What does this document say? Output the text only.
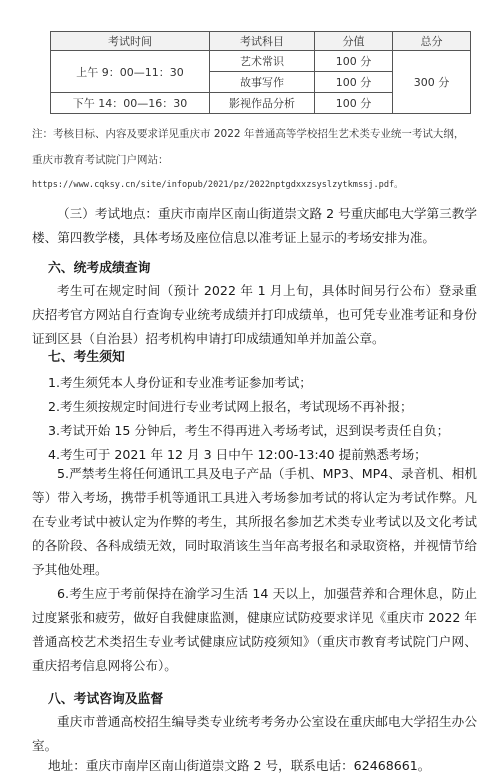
考试时间	考试科目	分值	总分
上午 9：00—11：30	艺术常识	100 分	300 分
	故事写作	100 分	
下午 14：00—16：30	影视作品分析	100 分	
注：考核目标、内容及要求详见重庆市 2022 年普通高等学校招生艺术类专业统一考试大纲，
重庆市教育考试院门户网站：
https://www.cqksy.cn/site/infopub/2021/pz/2022nptgdxxzsyslzytkmssj.pdf。
（三）考试地点：重庆市南岸区南山街道崇文路 2 号重庆邮电大学第三教学楼、第四教学楼，具体考场及座位信息以准考证上显示的考场安排为准。
六、统考成绩查询
考生可在规定时间（预计 2022 年 1 月上旬，具体时间另行公布）登录重庆招考官方网站自行查询专业统考成绩并打印成绩单，也可凭专业准考证和身份证到区县（自治县）招考机构申请打印成绩通知单并加盖公章。
七、考生须知
1.考生须凭本人身份证和专业准考证参加考试；
2.考生须按规定时间进行专业考试网上报名，考试现场不再补报；
3.考试开始 15 分钟后，考生不得再进入考场考试，迟到误考责任自负；
4.考生可于 2021 年 12 月 3 日中午 12:00-13:40 提前熟悉考场；
5.严禁考生将任何通讯工具及电子产品（手机、MP3、MP4、录音机、相机等）带入考场，携带手机等通讯工具进入考场参加考试的将认定为考试作弊。凡在专业考试中被认定为作弊的考生，其所报名参加艺术类专业考试以及文化考试的各阶段、各科成绩无效，同时取消该生当年高考报名和录取资格，并视情节给予其他处理。
6.考生应于考前保持在渝学习生活 14 天以上，加强营养和合理休息，防止过度紧张和疲劳，做好自我健康监测，健康应试防疫要求详见《重庆市 2022 年普通高校艺术类招生专业考试健康应试防疫须知》（重庆市教育考试院门户网、重庆招考信息网将公布）。
八、考试咨询及监督
重庆市普通高校招生编导类专业统考考务办公室设在重庆邮电大学招生办公室。
地址：重庆市南岸区南山街道崇文路 2 号，联系电话：62468661。
